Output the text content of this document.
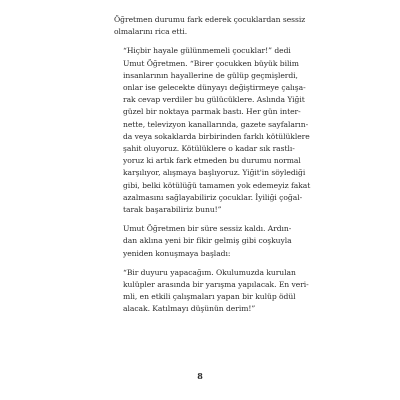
Öğretmen durumu fark ederek çocuklardan sessiz
olmalarını rica etti.

“Hiçbir hayale gülünmemeli çocuklar!” dedi
Umut Öğretmen. “Birer çocukken büyük bilim
insanlarının hayallerine de gülüp geçmişlerdi,
onlar ise gelecekte dünyayı değiştirmeye çalışa-
rak cevap verdiler bu gülücüklere. Aslında Yiğit
güzel bir noktaya parmak bastı. Her gün inter-
nette, televizyon kanallarında, gazete sayfaların-
da veya sokaklarda birbirinden farklı kötülüklere
şahit oluyoruz. Kötülüklere o kadar sık rastlı-
yoruz ki artık fark etmeden bu durumu normal
karşılıyor, alışmaya başlıyoruz. Yiğit'in söylediği
gibi, belki kötülüğü tamamen yok edemeyiz fakat
azalmasını sağlayabiliriz çocuklar. İyiliği çoğal-
tarak başarabiliriz bunu!”

Umut Öğretmen bir süre sessiz kaldı. Ardın-
dan aklına yeni bir fikir gelmiş gibi coşkuyla
yeniden konuşmaya başladı:

“Bir duyuru yapacağım. Okulumuzda kurulan
kulüpler arasında bir yarışma yapılacak. En veri-
mli, en etkili çalışmaları yapan bir kulüp ödül
alacak. Katılmayı düşünün derim!”

8
